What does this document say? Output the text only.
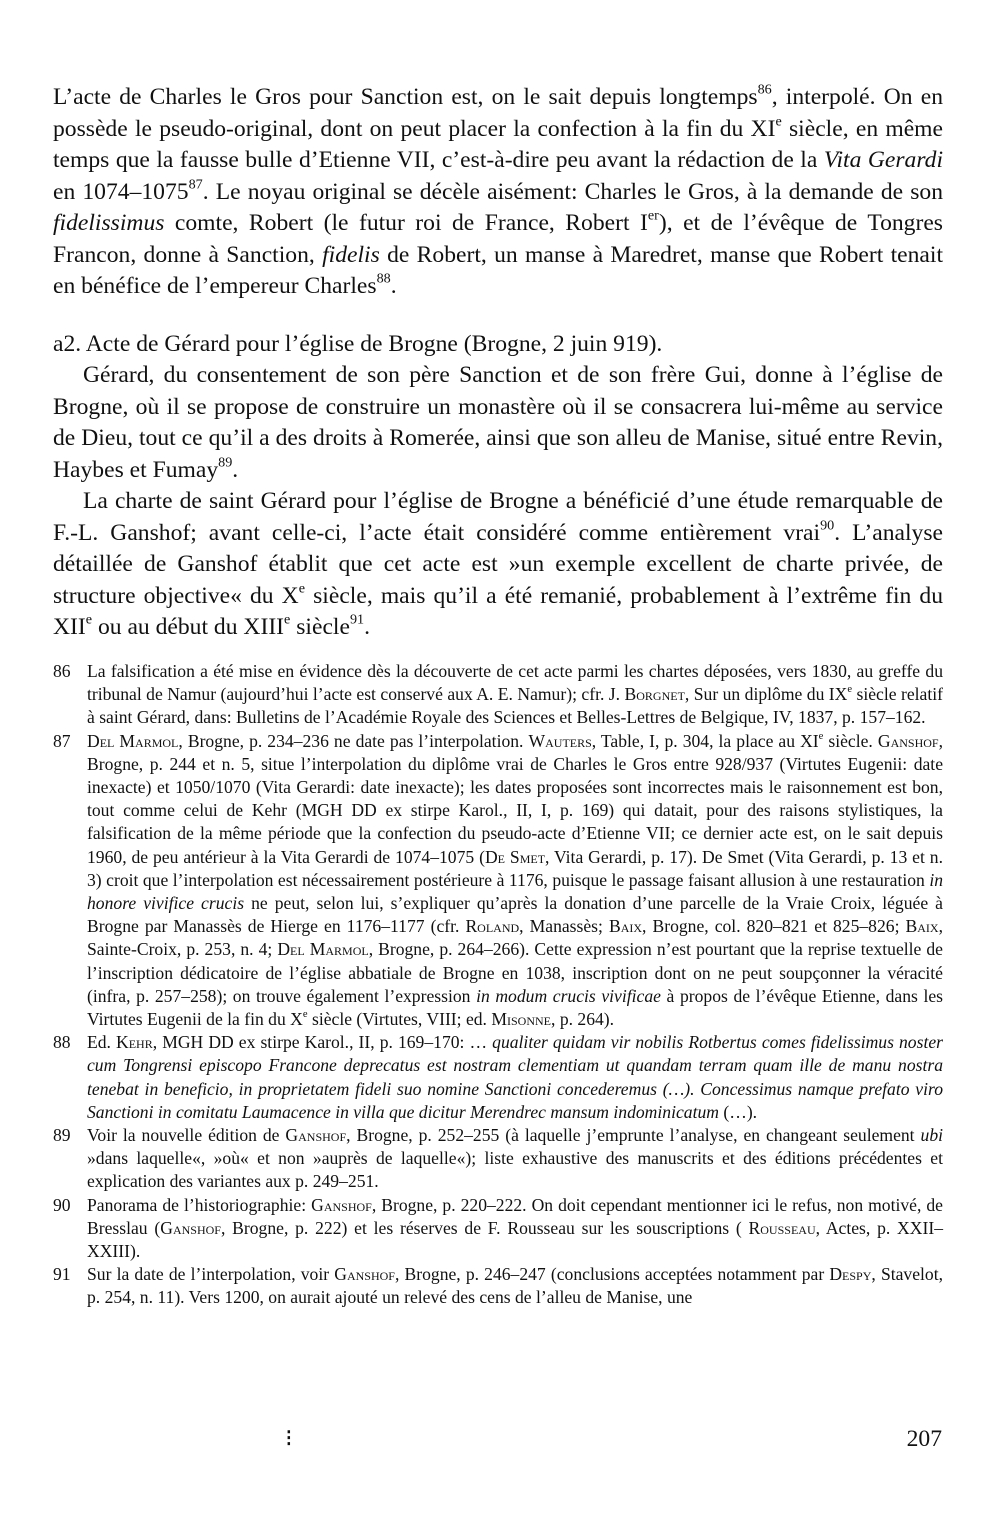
L’acte de Charles le Gros pour Sanction est, on le sait depuis longtemps$^{86}$, interpolé. On en possède le pseudo-original, dont on peut placer la confection à la fin du XIe siècle, en même temps que la fausse bulle d’Etienne VII, c’est-à-dire peu avant la rédaction de la Vita Gerardi en 1074–1075$^{87}$. Le noyau original se décèle aisément: Charles le Gros, à la demande de son fidelissimus comte, Robert (le futur roi de France, Robert Ier), et de l’évêque de Tongres Francon, donne à Sanction, fidelis de Robert, un manse à Maredret, manse que Robert tenait en bénéfice de l’empereur Charles$^{88}$.

a2. Acte de Gérard pour l’église de Brogne (Brogne, 2 juin 919).

Gérard, du consentement de son père Sanction et de son frère Gui, donne à l’église de Brogne, où il se propose de construire un monastère où il se consacrera lui-même au service de Dieu, tout ce qu’il a des droits à Romerée, ainsi que son alleu de Manise, situé entre Revin, Haybes et Fumay$^{89}$.

La charte de saint Gérard pour l’église de Brogne a bénéficié d’une étude remarquable de F.-L. Ganshof; avant celle-ci, l’acte était considéré comme entièrement vrai$^{90}$. L’analyse détaillée de Ganshof établit que cet acte est »un exemple excellent de charte privée, de structure objective« du Xe siècle, mais qu’il a été remanié, probablement à l’extrême fin du XIIe ou au début du XIIIe siècle$^{91}$.

86 La falsification a été mise en évidence dès la découverte de cet acte parmi les chartes déposées, vers 1830, au greffe du tribunal de Namur (aujourd’hui l’acte est conservé aux A. E. Namur); cfr. J. Borgnet, Sur un diplôme du IXe siècle relatif à saint Gérard, dans: Bulletins de l’Académie Royale des Sciences et Belles-Lettres de Belgique, IV, 1837, p. 157–162.

87 Del Marmol, Brogne, p. 234–236 ne date pas l’interpolation. Wauters, Table, I, p. 304, la place au XIe siècle. Ganshof, Brogne, p. 244 et n. 5, situe l’interpolation du diplôme vrai de Charles le Gros entre 928/937 (Virtutes Eugenii: date inexacte) et 1050/1070 (Vita Gerardi: date inexacte); les dates proposées sont incorrectes mais le raisonnement est bon, tout comme celui de Kehr (MGH DD ex stirpe Karol., II, I, p. 169) qui datait, pour des raisons stylistiques, la falsification de la même période que la confection du pseudo-acte d’Etienne VII; ce dernier acte est, on le sait depuis 1960, de peu antérieur à la Vita Gerardi de 1074–1075 (De Smet, Vita Gerardi, p. 17). De Smet (Vita Gerardi, p. 13 et n. 3) croit que l’interpolation est nécessairement postérieure à 1176, puisque le passage faisant allusion à une restauration in honore vivifice crucis ne peut, selon lui, s’expliquer qu’après la donation d’une parcelle de la Vraie Croix, léguée à Brogne par Manassès de Hierge en 1176–1177 (cfr. Roland, Manassès; Baix, Brogne, col. 820–821 et 825–826; Baix, Sainte-Croix, p. 253, n. 4; Del Marmol, Brogne, p. 264–266). Cette expression n’est pourtant que la reprise textuelle de l’inscription dédicatoire de l’église abbatiale de Brogne en 1038, inscription dont on ne peut soupçonner la véracité (infra, p. 257–258); on trouve également l’expression in modum crucis vivificae à propos de l’évêque Etienne, dans les Virtutes Eugenii de la fin du Xe siècle (Virtutes, VIII; ed. Misonne, p. 264).

88 Ed. Kehr, MGH DD ex stirpe Karol., II, p. 169–170: … qualiter quidam vir nobilis Rotbertus comes fidelissimus noster cum Tongrensi episcopo Francone deprecatus est nostram clementiam ut quandam terram quam ille de manu nostra tenebat in beneficio, in proprietatem fideli suo nomine Sanctioni concederemus (…). Concessimus namque prefato viro Sanctioni in comitatu Laumacence in villa que dicitur Merendrec mansum indominicatum (…).

89 Voir la nouvelle édition de Ganshof, Brogne, p. 252–255 (à laquelle j’emprunte l’analyse, en changeant seulement ubi »dans laquelle«, »où« et non »auprès de laquelle«); liste exhaustive des manuscrits et des éditions précédentes et explication des variantes aux p. 249–251.

90 Panorama de l’historiographie: Ganshof, Brogne, p. 220–222. On doit cependant mentionner ici le refus, non motivé, de Bresslau (Ganshof, Brogne, p. 222) et les réserves de F. Rousseau sur les souscriptions ( Rousseau, Actes, p. XXII–XXIII).

91 Sur la date de l’interpolation, voir Ganshof, Brogne, p. 246–247 (conclusions acceptées notamment par Despy, Stavelot, p. 254, n. 11). Vers 1200, on aurait ajouté un relevé des cens de l’alleu de Manise, une

⁝	207
